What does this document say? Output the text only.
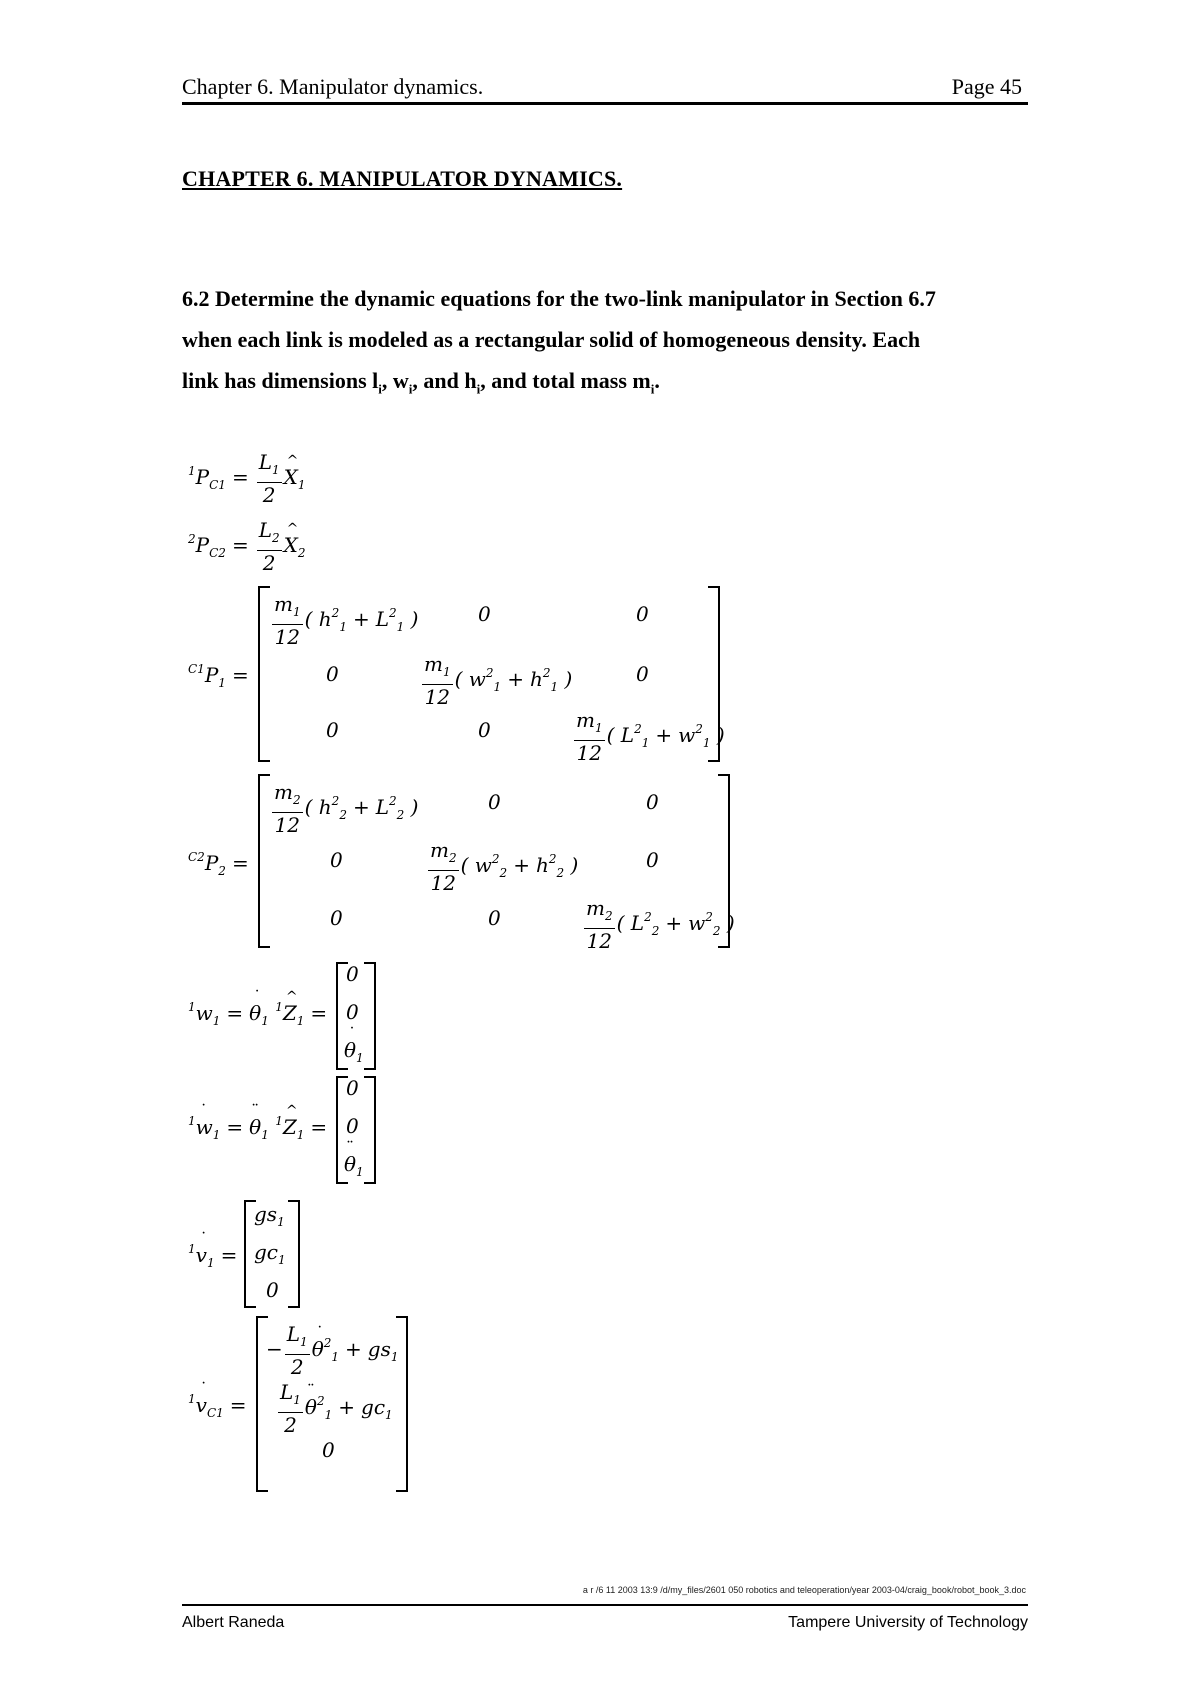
Chapter 6. Manipulator dynamics.	Page 45
CHAPTER 6. MANIPULATOR DYNAMICS.
6.2 Determine the dynamic equations for the two-link manipulator in Section 6.7
when each link is modeled as a rectangular solid of homogeneous density. Each
link has dimensions $l_i$, $w_i$, and $h_i$, and total mass $m_i$.
$^1P_{C1} = \frac{L_1}{2}$ ^ $X_1$
$^2P_{C2} = \frac{L_2}{2}$ ^ $X_2$
$^{C1}P_1$ =
$\frac{m_1}{12}$ ( $h^2_1 + L^2_1$ )	0	0
0	$\frac{m_1}{12}$ ( $w^2_1 + h^2_1$ )	0
0	0	$\frac{m_1}{12}$ ( $L^2_1 + w^2_1$ )
$^{C2}P_2$ =
$\frac{m_2}{12}$ ( $h^2_2 + L^2_2$ )	0	0
0	$\frac{m_2}{12}$ ( $w^2_2 + h^2_2$ )	0
0	0	$\frac{m_2}{12}$ ( $L^2_2 + w^2_2$ )
$^1w_1$ = ˙ $\theta_1$ $^1$^ $Z_1$ =
0
0
˙ $\theta_1$
$^1$˙ $w_1$ = ¨ $\theta_1$ $^1$^ $Z_1$ =
0
0
¨ $\theta_1$
$^1$˙ $v_1$ =
$gs_1$
$gc_1$
0
$^1$˙ $v_{C1}$ =
− $\frac{L_1}{2}$ ˙ $\theta^2_1 + gs_1$
$\frac{L_1}{2}$ ¨ $\theta^2_1 + gc_1$
0
a r /6 11 2003 13:9 /d/my_files/2601 050 robotics and teleoperation/year 2003-04/craig_book/robot_book_3.doc
Albert Raneda	Tampere University of Technology
